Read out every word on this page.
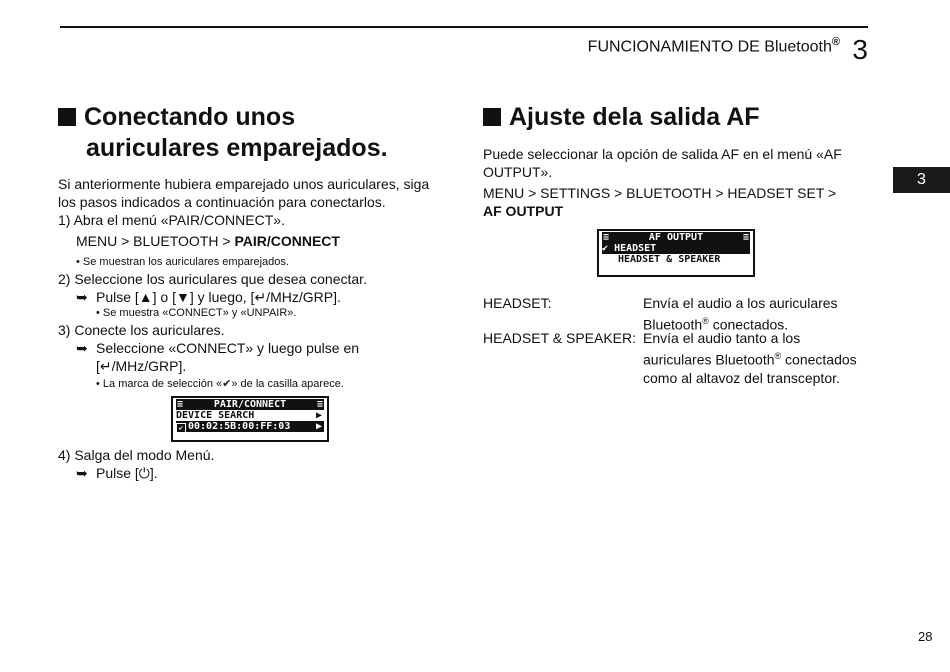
FUNCIONAMIENTO DE Bluetooth® 3
3
28
Conectando unos
auriculares emparejados.
Si anteriormente hubiera emparejado unos auriculares, siga
los pasos indicados a continuación para conectarlos.
1) Abra el menú «PAIR/CONNECT».
MENU > BLUETOOTH > PAIR/CONNECT
• Se muestran los auriculares emparejados.
2) Seleccione los auriculares que desea conectar.
➥ Pulse [▲] o [▼] y luego, [↵/MHz/GRP].
• Se muestra «CONNECT» y «UNPAIR».
3) Conecte los auriculares.
➥ Seleccione «CONNECT» y luego pulse en
[↵/MHz/GRP].
• La marca de selección «✔» de la casilla aparece.
≡	PAIR/CONNECT	≡
DEVICE SEARCH	▶
✔ 00:02:5B:00:FF:03	▶
4) Salga del modo Menú.
➥ Pulse [⏻].
Ajuste dela salida AF
Puede seleccionar la opción de salida AF en el menú «AF
OUTPUT».
MENU > SETTINGS > BLUETOOTH > HEADSET SET >
AF OUTPUT
≡	AF OUTPUT	≡
✔ HEADSET
HEADSET & SPEAKER
HEADSET:	Envía el audio a los auriculares
Bluetooth® conectados.
HEADSET & SPEAKER: Envía el audio tanto a los
auriculares Bluetooth® conectados
como al altavoz del transceptor.
